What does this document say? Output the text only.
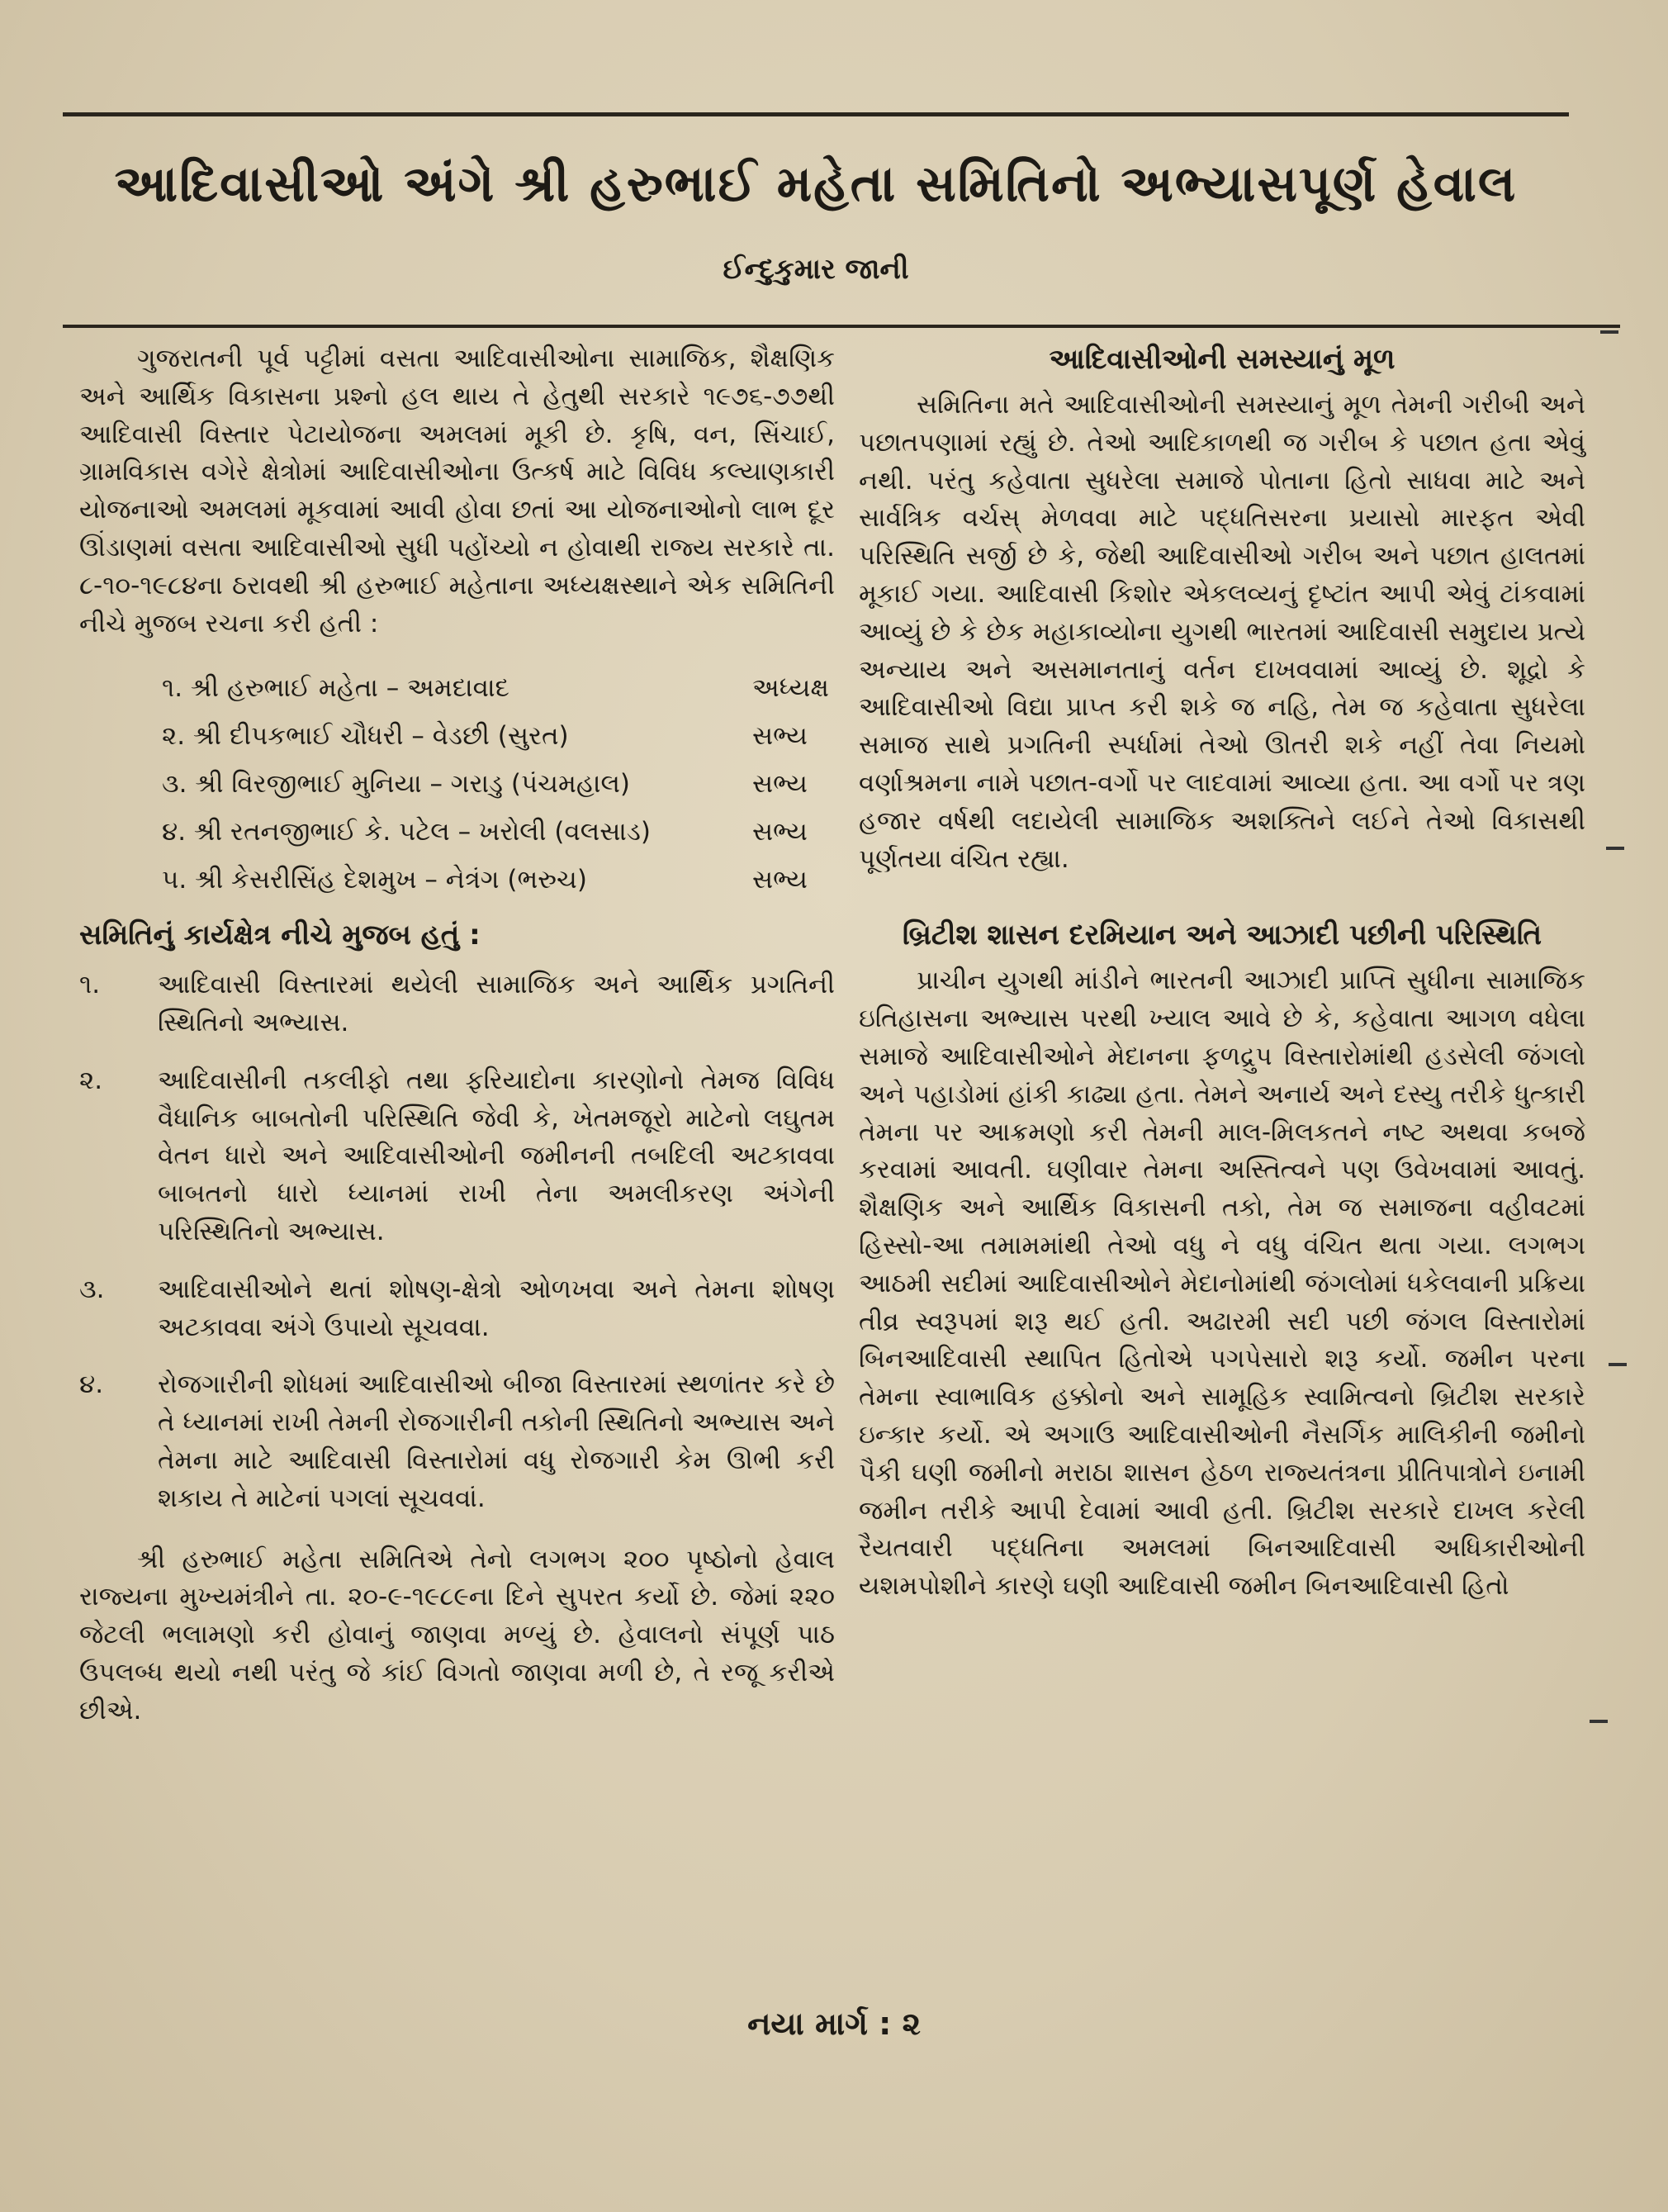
આદિવાસીઓ અંગે શ્રી હરુભાઈ મહેતા સમિતિનો અભ્યાસપૂર્ણ હેવાલ

ઈન્દુકુમાર જાની

ગુજરાતની પૂર્વ પટ્ટીમાં વસતા આદિવાસીઓના સામાજિક, શૈક્ષણિક અને આર્થિક વિકાસના પ્રશ્નો હલ થાય તે હેતુથી સરકારે ૧૯૭૬-૭૭થી આદિવાસી વિસ્તાર પેટાયોજના અમલમાં મૂકી છે. કૃષિ, વન, સિંચાઈ, ગ્રામવિકાસ વગેરે ક્ષેત્રોમાં આદિવાસીઓના ઉત્કર્ષ માટે વિવિધ કલ્યાણકારી યોજનાઓ અમલમાં મૂકવામાં આવી હોવા છતાં આ યોજનાઓનો લાભ દૂર ઊંડાણમાં વસતા આદિવાસીઓ સુધી પહોંચ્યો ન હોવાથી રાજ્ય સરકારે તા. ૮-૧૦-૧૯૮૪ના ઠરાવથી શ્રી હરુભાઈ મહેતાના અધ્યક્ષસ્થાને એક સમિતિની નીચે મુજબ રચના કરી હતી :

૧. શ્રી હરુભાઈ મહેતા – અમદાવાદ	અધ્યક્ષ
૨. શ્રી દીપકભાઈ ચૌધરી – વેડછી (સુરત)	સભ્ય
૩. શ્રી વિરજીભાઈ મુનિયા – ગરાડુ (પંચમહાલ)	સભ્ય
૪. શ્રી રતનજીભાઈ કે. પટેલ – ખરોલી (વલસાડ)	સભ્ય
૫. શ્રી કેસરીસિંહ દેશમુખ – નેત્રંગ (ભરુચ)	સભ્ય

સમિતિનું કાર્યક્ષેત્ર નીચે મુજબ હતું :

૧.	આદિવાસી વિસ્તારમાં થયેલી સામાજિક અને આર્થિક પ્રગતિની સ્થિતિનો અભ્યાસ.
૨.	આદિવાસીની તકલીફો તથા ફરિયાદોના કારણોનો તેમજ વિવિધ વૈધાનિક બાબતોની પરિસ્થિતિ જેવી કે, ખેતમજૂરો માટેનો લઘુતમ વેતન ધારો અને આદિવાસીઓની જમીનની તબદિલી અટકાવવા બાબતનો ધારો ધ્યાનમાં રાખી તેના અમલીકરણ અંગેની પરિસ્થિતિનો અભ્યાસ.
૩.	આદિવાસીઓને થતાં શોષણ-ક્ષેત્રો ઓળખવા અને તેમના શોષણ અટકાવવા અંગે ઉપાયો સૂચવવા.
૪.	રોજગારીની શોધમાં આદિવાસીઓ બીજા વિસ્તારમાં સ્થળાંતર કરે છે તે ધ્યાનમાં રાખી તેમની રોજગારીની તકોની સ્થિતિનો અભ્યાસ અને તેમના માટે આદિવાસી વિસ્તારોમાં વધુ રોજગારી કેમ ઊભી કરી શકાય તે માટેનાં પગલાં સૂચવવાં.

શ્રી હરુભાઈ મહેતા સમિતિએ તેનો લગભગ ૨૦૦ પૃષ્ઠોનો હેવાલ રાજ્યના મુખ્યમંત્રીને તા. ૨૦-૯-૧૯૮૯ના દિને સુપરત કર્યો છે. જેમાં ૨૨૦ જેટલી ભલામણો કરી હોવાનું જાણવા મળ્યું છે. હેવાલનો સંપૂર્ણ પાઠ ઉપલબ્ધ થયો નથી પરંતુ જે કાંઈ વિગતો જાણવા મળી છે, તે રજૂ કરીએ છીએ.

આદિવાસીઓની સમસ્યાનું મૂળ

સમિતિના મતે આદિવાસીઓની સમસ્યાનું મૂળ તેમની ગરીબી અને પછાતપણામાં રહ્યું છે. તેઓ આદિકાળથી જ ગરીબ કે પછાત હતા એવું નથી. પરંતુ કહેવાતા સુધરેલા સમાજે પોતાના હિતો સાધવા માટે અને સાર્વત્રિક વર્ચસ્ મેળવવા માટે પદ્ધતિસરના પ્રયાસો મારફત એવી પરિસ્થિતિ સર્જી છે કે, જેથી આદિવાસીઓ ગરીબ અને પછાત હાલતમાં મૂકાઈ ગયા. આદિવાસી કિશોર એકલવ્યનું દૃષ્ટાંત આપી એવું ટાંકવામાં આવ્યું છે કે છેક મહાકાવ્યોના યુગથી ભારતમાં આદિવાસી સમુદાય પ્રત્યે અન્યાય અને અસમાનતાનું વર્તન દાખવવામાં આવ્યું છે. શૂદ્રો કે આદિવાસીઓ વિદ્યા પ્રાપ્ત કરી શકે જ નહિ, તેમ જ કહેવાતા સુધરેલા સમાજ સાથે પ્રગતિની સ્પર્ધામાં તેઓ ઊતરી શકે નહીં તેવા નિયમો વર્ણાશ્રમના નામે પછાત-વર્ગો પર લાદવામાં આવ્યા હતા. આ વર્ગો પર ત્રણ હજાર વર્ષથી લદાયેલી સામાજિક અશક્તિને લઈને તેઓ વિકાસથી પૂર્ણતયા વંચિત રહ્યા.

બ્રિટીશ શાસન દરમિયાન અને આઝાદી પછીની પરિસ્થિતિ

પ્રાચીન યુગથી માંડીને ભારતની આઝાદી પ્રાપ્તિ સુધીના સામાજિક ઇતિહાસના અભ્યાસ પરથી ખ્યાલ આવે છે કે, કહેવાતા આગળ વધેલા સમાજે આદિવાસીઓને મેદાનના ફળદ્રુપ વિસ્તારોમાંથી હડસેલી જંગલો અને પહાડોમાં હાંકી કાઢ્યા હતા. તેમને અનાર્ય અને દસ્યુ તરીકે ધુત્કારી તેમના પર આક્રમણો કરી તેમની માલ-મિલકતને નષ્ટ અથવા કબજે કરવામાં આવતી. ઘણીવાર તેમના અસ્તિત્વને પણ ઉવેખવામાં આવતું. શૈક્ષણિક અને આર્થિક વિકાસની તકો, તેમ જ સમાજના વહીવટમાં હિસ્સો-આ તમામમાંથી તેઓ વધુ ને વધુ વંચિત થતા ગયા. લગભગ આઠમી સદીમાં આદિવાસીઓને મેદાનોમાંથી જંગલોમાં ધકેલવાની પ્રક્રિયા તીવ્ર સ્વરૂપમાં શરૂ થઈ હતી. અઢારમી સદી પછી જંગલ વિસ્તારોમાં બિનઆદિવાસી સ્થાપિત હિતોએ પગપેસારો શરૂ કર્યો. જમીન પરના તેમના સ્વાભાવિક હક્કોનો અને સામૂહિક સ્વામિત્વનો બ્રિટીશ સરકારે ઇન્કાર કર્યો. એ અગાઉ આદિવાસીઓની નૈસર્ગિક માલિકીની જમીનો પૈકી ઘણી જમીનો મરાઠા શાસન હેઠળ રાજ્યતંત્રના પ્રીતિપાત્રોને ઇનામી જમીન તરીકે આપી દેવામાં આવી હતી. બ્રિટીશ સરકારે દાખલ કરેલી રૈયતવારી પદ્ધતિના અમલમાં બિનઆદિવાસી અધિકારીઓની યશમપોશીને કારણે ઘણી આદિવાસી જમીન બિનઆદિવાસી હિતો

નયા માર્ગ : ૨
